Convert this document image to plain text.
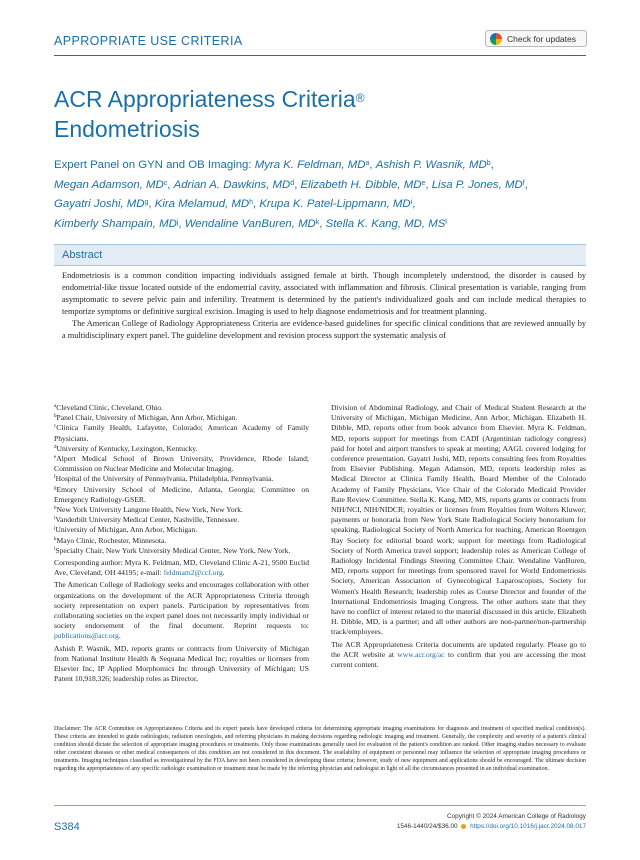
APPROPRIATE USE CRITERIA	Check for updates
ACR Appropriateness Criteria®
Endometriosis
Expert Panel on GYN and OB Imaging: Myra K. Feldman, $MD^a$, Ashish P. Wasnik, $MD^b$,
Megan Adamson, $MD^c$, Adrian A. Dawkins, $MD^d$, Elizabeth H. Dibble, MDe, Lisa P. Jones, $MD^f$,
Gayatri Joshi, $MD^g$, Kira Melamud, $MD^h$, Krupa K. Patel-Lippmann, $MD^i$,
Kimberly Shampain, $MD^j$, Wendaline VanBuren, $MD^k$, Stella K. Kang, MD, $MS^l$
Abstract

Endometriosis is a common condition impacting individuals assigned female at birth. Though incompletely understood, the disorder is caused by endometrial-like tissue located outside of the endometrial cavity, associated with inflammation and fibrosis. Clinical presentation is variable, ranging from asymptomatic to severe pelvic pain and infertility. Treatment is determined by the patient's individualized goals and can include medical therapies to temporize symptoms or definitive surgical excision. Imaging is used to help diagnose endometriosis and for treatment planning.

The American College of Radiology Appropriateness Criteria are evidence-based guidelines for specific clinical conditions that are reviewed annually by a multidisciplinary expert panel. The guideline development and revision process support the systematic analysis of

$^a$Cleveland Clinic, Cleveland, Ohio.
$^b$Panel Chair, University of Michigan, Ann Arbor, Michigan.
$^c$Clinica Family Health, Lafayette, Colorado; American Academy of Family Physicians.
$^d$University of Kentucky, Lexington, Kentucky.
$^e$Alpert Medical School of Brown University, Providence, Rhode Island; Commission on Nuclear Medicine and Molecular Imaging.
$^f$Hospital of the University of Pennsylvania, Philadelphia, Pennsylvania.
$^g$Emory University School of Medicine, Atlanta, Georgia; Committee on Emergency Radiology-GSER.
$^h$New York University Langone Health, New York, New York.
$^i$Vanderbilt University Medical Center, Nashville, Tennessee.
$^j$University of Michigan, Ann Arbor, Michigan.
$^k$Mayo Clinic, Rochester, Minnesota.
$^l$Specialty Chair, New York University Medical Center, New York, New York.

Corresponding author: Myra K. Feldman, MD, Cleveland Clinic A-21, 9500 Euclid Ave, Cleveland, OH 44195; e-mail: feldmam2@ccf.org.

The American College of Radiology seeks and encourages collaboration with other organizations on the development of the ACR Appropriateness Criteria through society representation on expert panels. Participation by representatives from collaborating societies on the expert panel does not necessarily imply individual or society endorsement of the final document. Reprint requests to: publications@acr.org.

Ashish P. Wasnik, MD, reports grants or contracts from University of Michigan from National Institute Health & Sequana Medical Inc; royalties or licenses from Elsevier Inc, IP Applied Morphomics Inc through University of Michigan; US Patent 10,918,326; leadership roles as Director,

Division of Abdominal Radiology, and Chair of Medical Student Research at the University of Michigan, Michigan Medicine, Ann Arbor, Michigan. Elizabeth H. Dibble, MD, reports other from book advance from Elsevier. Myra K. Feldman, MD, reports support for meetings from CADI (Argentinian radiology congress) paid for hotel and airport transfers to speak at meeting; AAGL covered lodging for conference presentation. Gayatri Joshi, MD, reports consulting fees from Royalties from Elsevier Publishing. Megan Adamson, MD, reports leadership roles as Medical Director at Clinica Family Health, Board Member of the Colorado Academy of Family Physicians, Vice Chair of the Colorado Medicaid Provider Rate Review Committee. Stella K. Kang, MD, MS, reports grants or contracts from NIH/NCI, NIH/NIDCR; royalties or licenses from Royalties from Wolters Kluwer; payments or honoraria from New York State Radiological Society honorarium for speaking, Radiological Society of North America for teaching, American Roentgen Ray Society for editorial board work; support for meetings from Radiological Society of North America travel support; leadership roles as American College of Radiology Incidental Findings Steering Committee Chair. Wendaline VanBuren, MD, reports support for meetings from sponsored travel for World Endometriosis Society, American Association of Gynecological Laparoscopists, Society for Women's Health Research; leadership roles as Course Director and founder of the International Endometriosis Imaging Congress. The other authors state that they have no conflict of interest related to the material discussed in this article. Elizabeth H. Dibble, MD, is a partner; and all other authors are non-partner/non-partnership track/employees.

The ACR Appropriateness Criteria documents are updated regularly. Please go to the ACR website at www.acr.org/ac to confirm that you are accessing the most current content.

Disclaimer: The ACR Committee on Appropriateness Criteria and its expert panels have developed criteria for determining appropriate imaging examinations for diagnosis and treatment of specified medical condition(s). These criteria are intended to guide radiologists, radiation oncologists, and referring physicians in making decisions regarding radiologic imaging and treatment. Generally, the complexity and severity of a patient's clinical condition should dictate the selection of appropriate imaging procedures or treatments. Only those examinations generally used for evaluation of the patient's condition are ranked. Other imaging studies necessary to evaluate other coexistent diseases or other medical consequences of this condition are not considered in this document. The availability of equipment or personnel may influence the selection of appropriate imaging procedures or treatments. Imaging techniques classified as investigational by the FDA have not been considered in developing these criteria; however, study of new equipment and applications should be encouraged. The ultimate decision regarding the appropriateness of any specific radiologic examination or treatment must be made by the referring physician and radiologist in light of all the circumstances presented in an individual examination.
S384
Copyright © 2024 American College of Radiology
1546-1440/24/$36.00 https://doi.org/10.1016/j.jacr.2024.08.017
